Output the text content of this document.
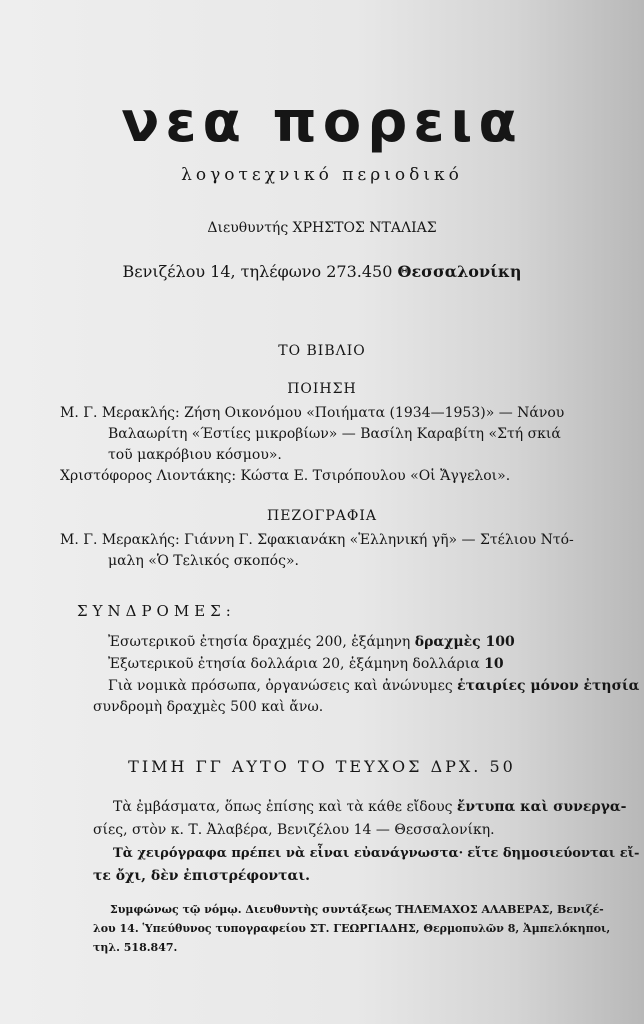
νεα πορεια
λογοτεχνικό περιοδικό
Διευθυντής ΧΡΗΣΤΟΣ ΝΤΑΛΙΑΣ
Βενιζέλου 14, τηλέφωνο 273.450 Θεσσαλονίκη
ΤΟ ΒΙΒΛΙΟ
ΠΟΙΗΣΗ
Μ. Γ. Μερακλής: Ζήση Οικονόμου «Ποιήματα (1934—1953)» — Νάνου
Βαλαωρίτη «Έστίες μικροβίων» — Βασίλη Καραβίτη «Στή σκιά
τοῦ μακρόβιου κόσμου».
Χριστόφορος Λιοντάκης: Κώστα Ε. Τσιρόπουλου «Οἱ Ἄγγελοι».
ΠΕΖΟΓΡΑΦΙΑ
Μ. Γ. Μερακλής: Γιάννη Γ. Σφακιανάκη «Ἑλληνική γῆ» — Στέλιου Ντό-
μαλη «Ὁ Τελικός σκοπός».
ΣΥΝΔΡΟΜΕΣ:
Ἐσωτερικοῦ ἐτησία δραχμές 200, ἑξάμηνη δραχμὲς 100
Ἐξωτερικοῦ ἐτησία δολλάρια 20, ἑξάμηνη δολλάρια 10
Γιὰ νομικὰ πρόσωπα, ὀργανώσεις καὶ ἀνώνυμες ἑταιρίες μόνον ἐτησία
συνδρομὴ δραχμὲς 500 καὶ ἄνω.
ΤΙΜΗ ΓΓ ΑΥΤΟ ΤΟ ΤΕΥΧΟΣ ΔΡΧ. 50
Τὰ ἐμβάσματα, ὅπως ἐπίσης καὶ τὰ κάθε εἴδους ἔντυπα καὶ συνεργα-
σίες, στὸν κ. Τ. Ἀλαβέρα, Βενιζέλου 14 — Θεσσαλονίκη.
Τὰ χειρόγραφα πρέπει νὰ εἶναι εὐανάγνωστα· εἴτε δημοσιεύονται εἴ-
τε ὄχι, δὲν ἐπιστρέφονται.
Συμφώνως τῷ νόμῳ. Διευθυντὴς συντάξεως ΤΗΛΕΜΑΧΟΣ ΑΛΑΒΕΡΑΣ, Βενιζέ-
λου 14. Ὑπεύθυνος τυπογραφείου ΣΤ. ΓΕΩΡΓΙΑΔΗΣ, Θερμοπυλῶν 8, Ἀμπελόκηποι,
τηλ. 518.847.
